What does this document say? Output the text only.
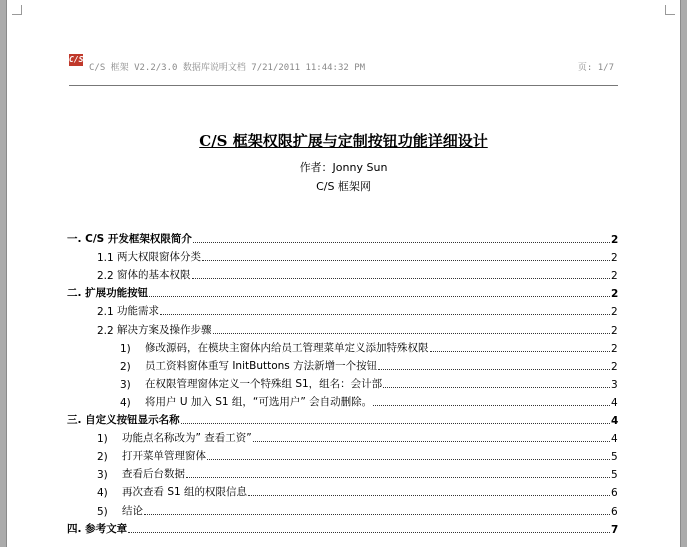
C/S
C/S 框架 V2.2/3.0 数据库说明文档 7/21/2011 11:44:32 PM	页: 1/7
C/S 框架权限扩展与定制按钮功能详细设计
作者：Jonny Sun
C/S 框架网
一. C/S 开发框架权限简介	2
1.1 两大权限窗体分类	2
2.2 窗体的基本权限	2
二. 扩展功能按钮	2
2.1 功能需求	2
2.2 解决方案及操作步骤	2
1)	修改源码，在模块主窗体内给员工管理菜单定义添加特殊权限	2
2)	员工资料窗体重写 InitButtons 方法新增一个按钮	2
3)	在权限管理窗体定义一个特殊组 S1，组名：会计部	3
4)	将用户 U 加入 S1 组，“可选用户” 会自动删除。	4
三. 自定义按钮显示名称	4
1)	功能点名称改为” 查看工资”	4
2)	打开菜单管理窗体	5
3)	查看后台数据	5
4)	再次查看 S1 组的权限信息	6
5)	结论	6
四. 参考文章	7
